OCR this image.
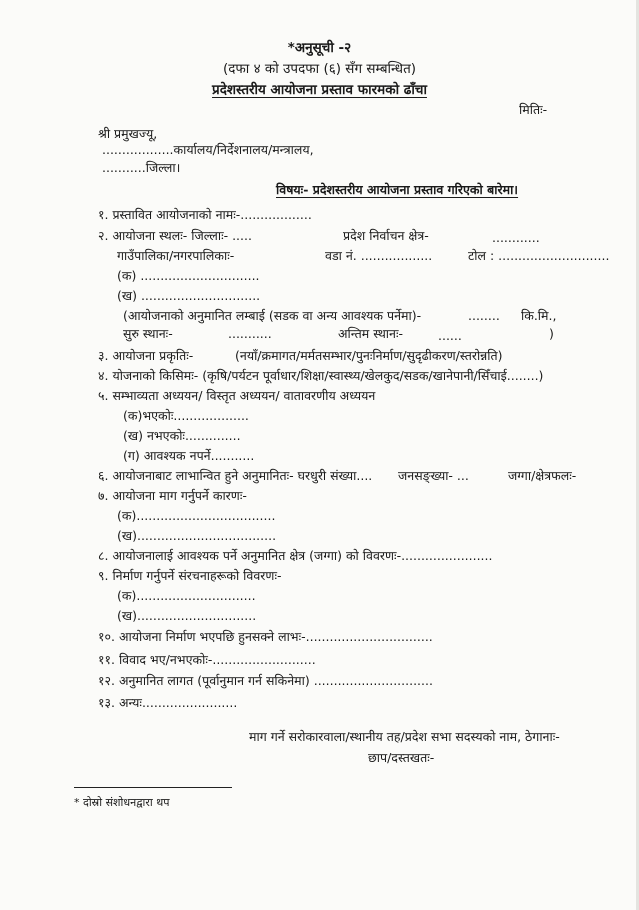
*अनुसूची -२
(दफा ४ को उपदफा (६) सँग सम्बन्धित)
प्रदेशस्तरीय आयोजना प्रस्ताव फारमको ढाँचा
मितिः-
श्री प्रमुखज्यू,
..................कार्यालय/निर्देशनालय/मन्त्रालय,
...........जिल्ला।
विषयः- प्रदेशस्तरीय आयोजना प्रस्ताव गरिएको बारेमा।
१. प्रस्तावित आयोजनाको नामः-..................
२. आयोजना स्थलः- जिल्लाः- .....	प्रदेश निर्वाचन क्षेत्र-	............
गाउँपालिका/नगरपालिकाः-	वडा नं. ..................	टोल : ............................
(क) ..............................
(ख) ..............................
(आयोजनाको अनुमानित लम्बाई (सडक वा अन्य आवश्यक पर्नेमा)-	........ कि.मि.,
सुरु स्थानः-	...........	अन्तिम स्थानः-	......	)
३. आयोजना प्रकृतिः-	(नयाँ/क्रमागत/मर्मतसम्भार/पुनःनिर्माण/सुदृढीकरण/स्तरोन्नति)
४. योजनाको किसिमः- (कृषि/पर्यटन पूर्वाधार/शिक्षा/स्वास्थ्य/खेलकुद/सडक/खानेपानी/सिँचाई........)
५. सम्भाव्यता अध्ययन/ विस्तृत अध्ययन/ वातावरणीय अध्ययन
(क)भएकोः...................
(ख) नभएकोः..............
(ग) आवश्यक नपर्ने...........
६. आयोजनाबाट लाभान्वित हुने अनुमानितः- घरधुरी संख्या.... जनसङ्ख्या- ...	जग्गा/क्षेत्रफलः-
७. आयोजना माग गर्नुपर्ने कारणः-
(क)...................................
(ख)...................................
८. आयोजनालाई आवश्यक पर्ने अनुमानित क्षेत्र (जग्गा) को विवरणः-.......................
९. निर्माण गर्नुपर्ने संरचनाहरूको विवरणः-
(क)..............................
(ख)..............................
१०. आयोजना निर्माण भएपछि हुनसक्ने लाभः-................................
११. विवाद भए/नभएकोः-..........................
१२. अनुमानित लागत (पूर्वानुमान गर्न सकिनेमा) ..............................
१३. अन्यः........................
माग गर्ने सरोकारवाला/स्थानीय तह/प्रदेश सभा सदस्यको नाम, ठेगानाः-
छाप/दस्तखतः-
* दोस्रो संशोधनद्वारा थप
